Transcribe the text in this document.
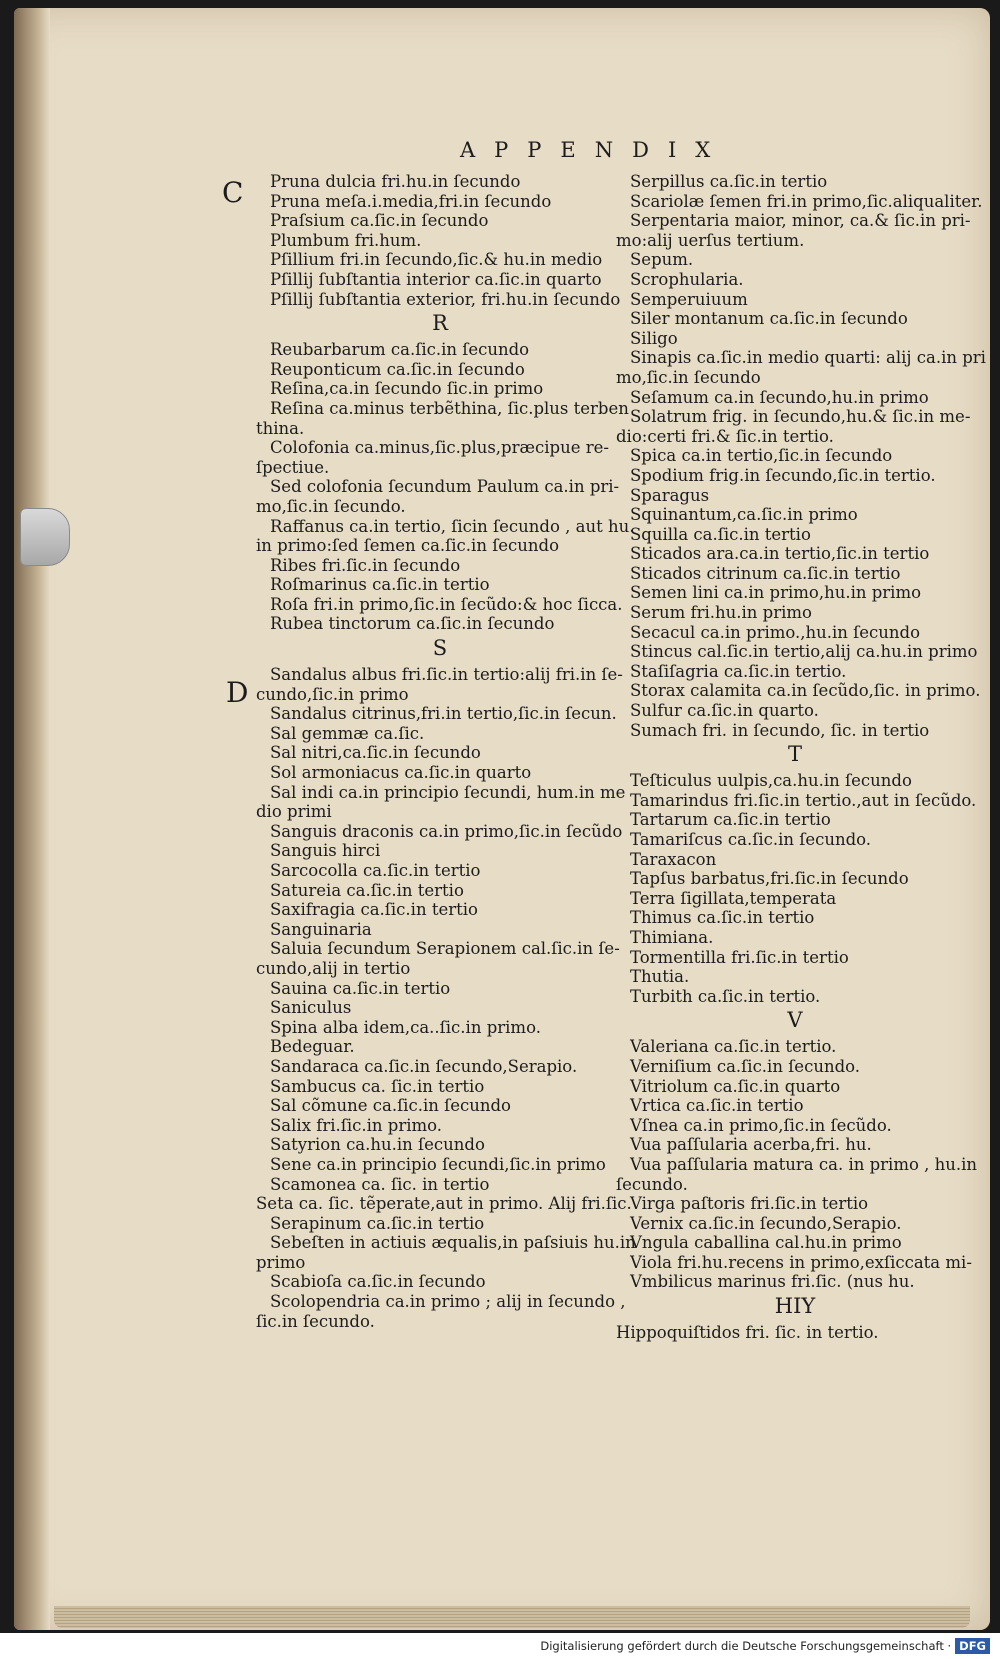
APPENDIX
C
D
Pruna dulcia fri.hu.in ſecundo
Pruna meſa.i.media,fri.in ſecundo
Praſsium ca.ſic.in ſecundo
Plumbum fri.hum.
Pſillium fri.in ſecundo,ſic.& hu.in medio
Pſillij ſubſtantia interior ca.ſic.in quarto
Pſillij ſubſtantia exterior, fri.hu.in ſecundo
R
Reubarbarum ca.ſic.in ſecundo
Reuponticum ca.ſic.in ſecundo
Reſina,ca.in ſecundo ſic.in primo
Reſina ca.minus terbẽthina, ſic.plus terben
thina.
Colofonia ca.minus,ſic.plus,præcipue re-
ſpectiue.
Sed colofonia ſecundum Paulum ca.in pri-
mo,ſic.in ſecundo.
Raffanus ca.in tertio, ſicin ſecundo , aut hu.
in primo:ſed ſemen ca.ſic.in ſecundo
Ribes fri.ſic.in ſecundo
Roſmarinus ca.ſic.in tertio
Roſa fri.in primo,ſic.in ſecũdo:& hoc ſicca.
Rubea tinctorum ca.ſic.in ſecundo
S
Sandalus albus fri.ſic.in tertio:alij fri.in ſe-
cundo,ſic.in primo
Sandalus citrinus,fri.in tertio,ſic.in ſecun.
Sal gemmæ ca.ſic.
Sal nitri,ca.ſic.in ſecundo
Sol armoniacus ca.ſic.in quarto
Sal indi ca.in principio ſecundi, hum.in me
dio primi
Sanguis draconis ca.in primo,ſic.in ſecũdo
Sanguis hirci
Sarcocolla ca.ſic.in tertio
Satureia ca.ſic.in tertio
Saxifragia ca.ſic.in tertio
Sanguinaria
Saluia ſecundum Serapionem cal.ſic.in ſe-
cundo,alij in tertio
Sauina ca.ſic.in tertio
Saniculus
Spina alba idem,ca..ſic.in primo.
Bedeguar.
Sandaraca ca.ſic.in ſecundo,Serapio.
Sambucus ca. ſic.in tertio
Sal cõmune ca.ſic.in ſecundo
Salix fri.ſic.in primo.
Satyrion ca.hu.in ſecundo
Sene ca.in principio ſecundi,ſic.in primo
Scamonea ca. ſic. in tertio
Seta ca. ſic. tẽperate,aut in primo. Alij fri.ſic.
Serapinum ca.ſic.in tertio
Sebeſten in actiuis æqualis,in paſsiuis hu.in
primo
Scabioſa ca.ſic.in ſecundo
Scolopendria ca.in primo ; alij in ſecundo ,
ſic.in ſecundo.
Serpillus ca.ſic.in tertio
Scariolæ ſemen fri.in primo,ſic.aliqualiter.
Serpentaria maior, minor, ca.& ſic.in pri-
mo:alij uerſus tertium.
Sepum.
Scrophularia.
Semperuiuum
Siler montanum ca.ſic.in ſecundo
Siligo
Sinapis ca.ſic.in medio quarti: alij ca.in pri
mo,ſic.in ſecundo
Seſamum ca.in ſecundo,hu.in primo
Solatrum frig. in ſecundo,hu.& ſic.in me-
dio:certi fri.& ſic.in tertio.
Spica ca.in tertio,ſic.in ſecundo
Spodium frig.in ſecundo,ſic.in tertio.
Sparagus
Squinantum,ca.ſic.in primo
Squilla ca.ſic.in tertio
Sticados ara.ca.in tertio,ſic.in tertio
Sticados citrinum ca.ſic.in tertio
Semen lini ca.in primo,hu.in primo
Serum fri.hu.in primo
Secacul ca.in primo.,hu.in ſecundo
Stincus cal.ſic.in tertio,alij ca.hu.in primo
Staſiſagria ca.ſic.in tertio.
Storax calamita ca.in ſecũdo,ſic. in primo.
Sulfur ca.ſic.in quarto.
Sumach fri. in ſecundo, ſic. in tertio
T
Teſticulus uulpis,ca.hu.in ſecundo
Tamarindus fri.ſic.in tertio.,aut in ſecũdo.
Tartarum ca.ſic.in tertio
Tamariſcus ca.ſic.in ſecundo.
Taraxacon
Tapſus barbatus,fri.ſic.in ſecundo
Terra ſigillata,temperata
Thimus ca.ſic.in tertio
Thimiana.
Tormentilla fri.ſic.in tertio
Thutia.
Turbith ca.ſic.in tertio.
V
Valeriana ca.ſic.in tertio.
Verniſium ca.ſic.in ſecundo.
Vitriolum ca.ſic.in quarto
Vrtica ca.ſic.in tertio
Vſnea ca.in primo,ſic.in ſecũdo.
Vua paſſularia acerba,fri. hu.
Vua paſſularia matura ca. in primo , hu.in
ſecundo.
Virga paſtoris fri.ſic.in tertio
Vernix ca.ſic.in ſecundo,Serapio.
Vngula caballina cal.hu.in primo
Viola fri.hu.recens in primo,exſiccata mi-
Vmbilicus marinus fri.ſic. (nus hu.
HIY
Hippoquiſtidos fri. ſic. in tertio.
Digitalisierung gefördert durch die Deutsche Forschungsgemeinschaft · DFG
